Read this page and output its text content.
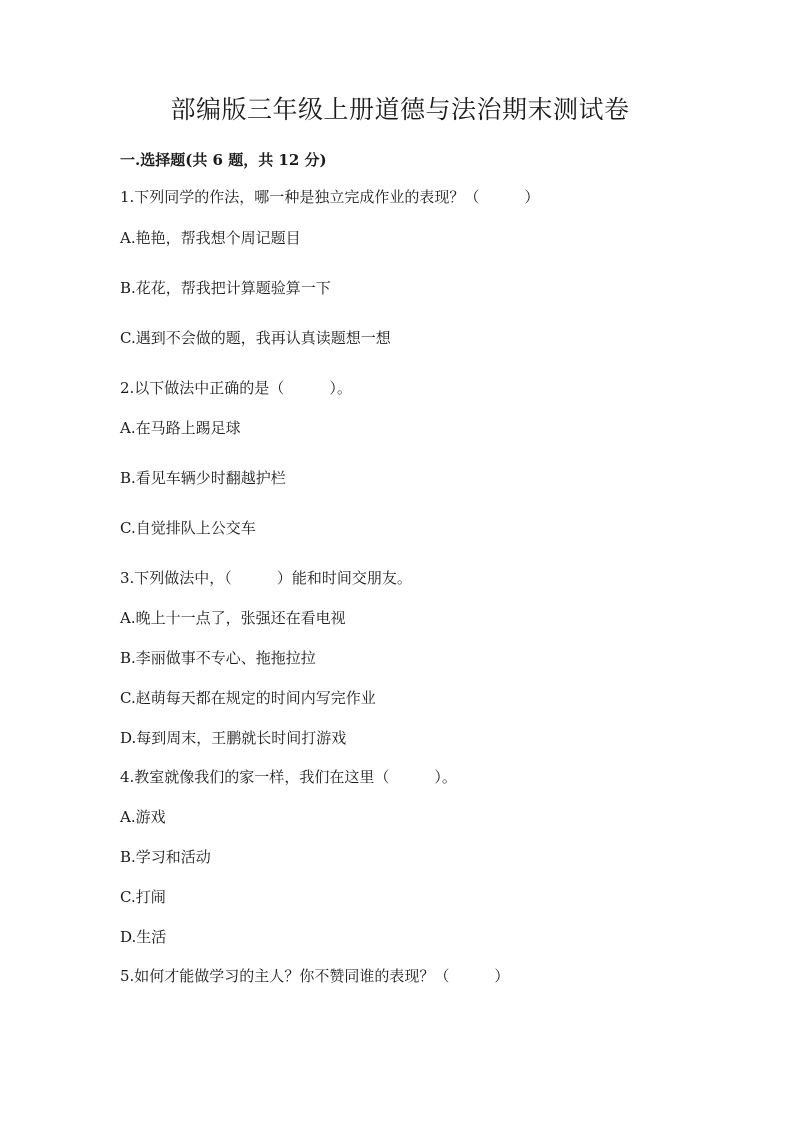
部编版三年级上册道德与法治期末测试卷
一.选择题(共 6 题，共 12 分)
1.下列同学的作法，哪一种是独立完成作业的表现？（　　　）
A.艳艳，帮我想个周记题目
B.花花，帮我把计算题验算一下
C.遇到不会做的题，我再认真读题想一想
2.以下做法中正确的是（　　　）。
A.在马路上踢足球
B.看见车辆少时翻越护栏
C.自觉排队上公交车
3.下列做法中，（　　　）能和时间交朋友。
A.晚上十一点了，张强还在看电视
B.李丽做事不专心、拖拖拉拉
C.赵萌每天都在规定的时间内写完作业
D.每到周末，王鹏就长时间打游戏
4.教室就像我们的家一样，我们在这里（　　　）。
A.游戏
B.学习和活动
C.打闹
D.生活
5.如何才能做学习的主人？你不赞同谁的表现？（　　　）
